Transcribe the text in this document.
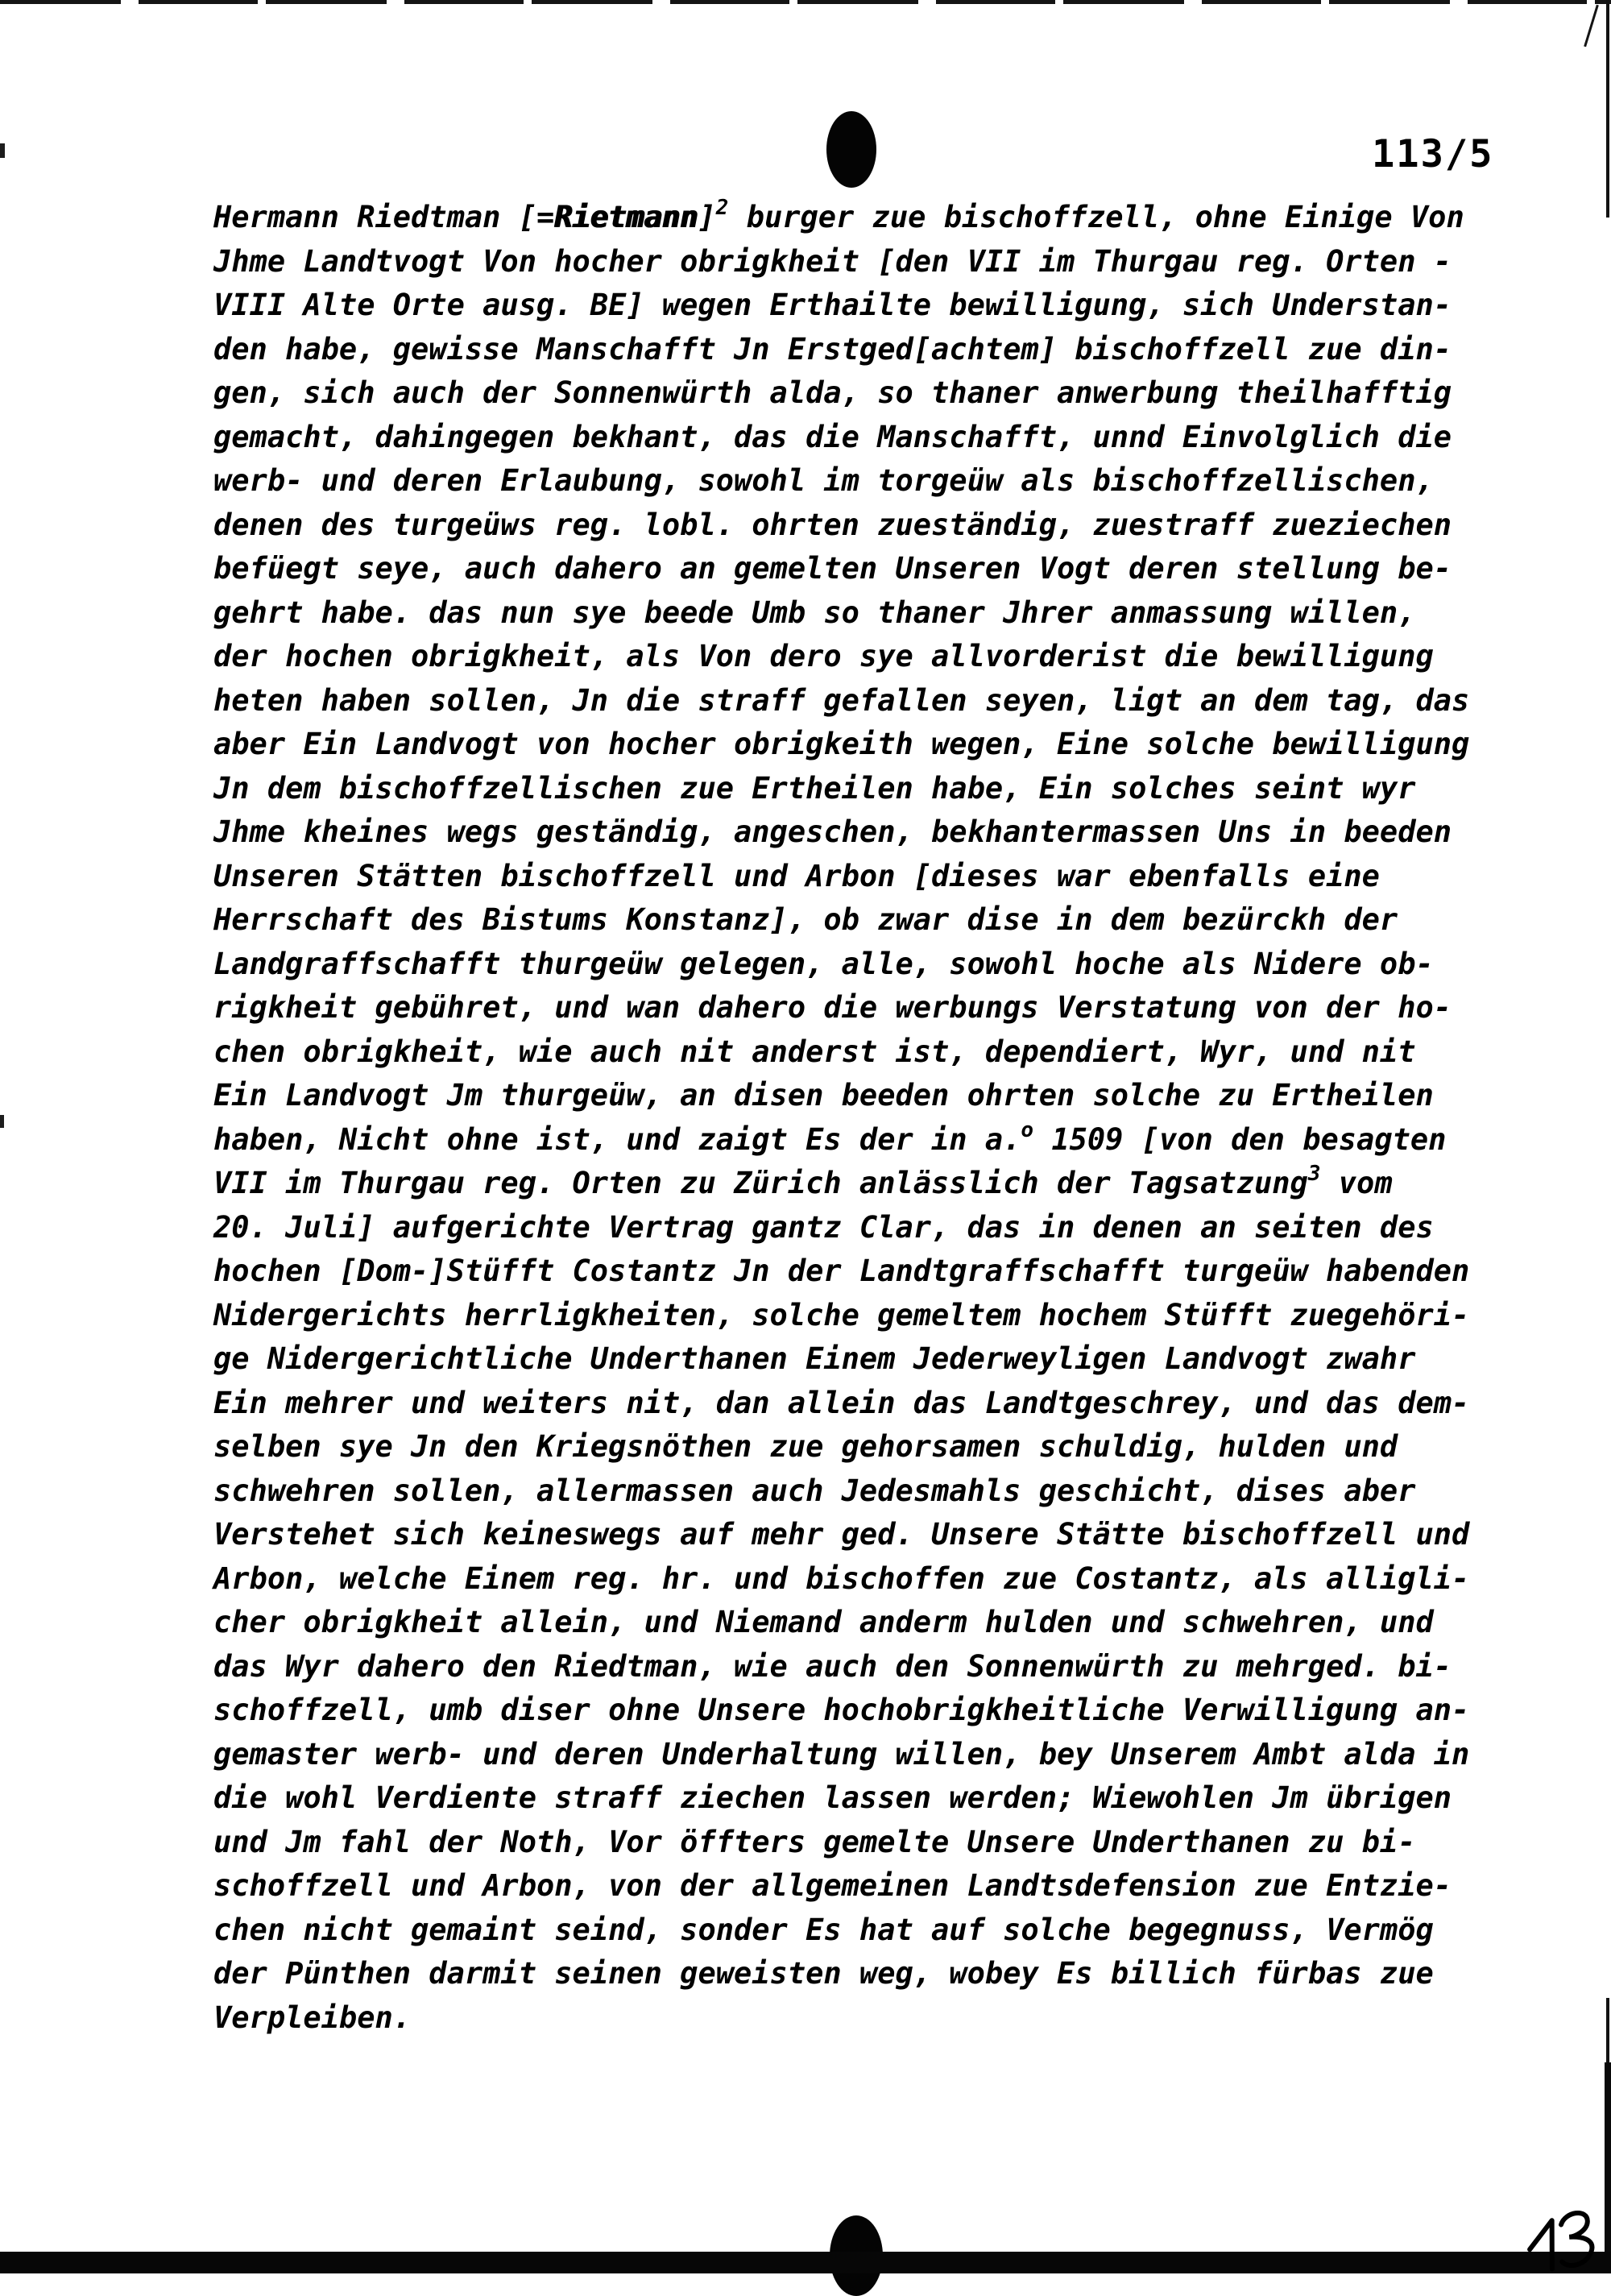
113/5
Hermann Riedtman [=Rietmann]$^2$ burger zue bischoffzell, ohne Einige Von
Jhme Landtvogt Von hocher obrigkheit [den VII im Thurgau reg. Orten -
VIII Alte Orte ausg. BE] wegen Erthailte bewilligung, sich Understan-
den habe, gewisse Manschafft Jn Erstged[achtem] bischoffzell zue din-
gen, sich auch der Sonnenwürth alda, so thaner anwerbung theilhafftig
gemacht, dahingegen bekhant, das die Manschafft, unnd Einvolglich die
werb- und deren Erlaubung, sowohl im torgeüw als bischoffzellischen,
denen des turgeüws reg. lobl. ohrten zueständig, zuestraff zueziechen
befüegt seye, auch dahero an gemelten Unseren Vogt deren stellung be-
gehrt habe. das nun sye beede Umb so thaner Jhrer anmassung willen,
der hochen obrigkheit, als Von dero sye allvorderist die bewilligung
heten haben sollen, Jn die straff gefallen seyen, ligt an dem tag, das
aber Ein Landvogt von hocher obrigkeith wegen, Eine solche bewilligung
Jn dem bischoffzellischen zue Ertheilen habe, Ein solches seint wyr
Jhme kheines wegs geständig, angeschen, bekhantermassen Uns in beeden
Unseren Stätten bischoffzell und Arbon [dieses war ebenfalls eine
Herrschaft des Bistums Konstanz], ob zwar dise in dem bezürckh der
Landgraffschafft thurgeüw gelegen, alle, sowohl hoche als Nidere ob-
rigkheit gebühret, und wan dahero die werbungs Verstatung von der ho-
chen obrigkheit, wie auch nit anderst ist, dependiert, Wyr, und nit
Ein Landvogt Jm thurgeüw, an disen beeden ohrten solche zu Ertheilen
haben, Nicht ohne ist, und zaigt Es der in a.$^o$ 1509 [von den besagten
VII im Thurgau reg. Orten zu Zürich anlässlich der Tagsatzung$^3$ vom
20. Juli] aufgerichte Vertrag gantz Clar, das in denen an seiten des
hochen [Dom-]Stüfft Costantz Jn der Landtgraffschafft turgeüw habenden
Nidergerichts herrligkheiten, solche gemeltem hochem Stüfft zuegehöri-
ge Nidergerichtliche Underthanen Einem Jederweyligen Landvogt zwahr
Ein mehrer und weiters nit, dan allein das Landtgeschrey, und das dem-
selben sye Jn den Kriegsnöthen zue gehorsamen schuldig, hulden und
schwehren sollen, allermassen auch Jedesmahls geschicht, dises aber
Verstehet sich keineswegs auf mehr ged. Unsere Stätte bischoffzell und
Arbon, welche Einem reg. hr. und bischoffen zue Costantz, als alligli-
cher obrigkheit allein, und Niemand anderm hulden und schwehren, und
das Wyr dahero den Riedtman, wie auch den Sonnenwürth zu mehrged. bi-
schoffzell, umb diser ohne Unsere hochobrigkheitliche Verwilligung an-
gemaster werb- und deren Underhaltung willen, bey Unserem Ambt alda in
die wohl Verdiente straff ziechen lassen werden; Wiewohlen Jm übrigen
und Jm fahl der Noth, Vor öffters gemelte Unsere Underthanen zu bi-
schoffzell und Arbon, von der allgemeinen Landtsdefension zue Entzie-
chen nicht gemaint seind, sonder Es hat auf solche begegnuss, Vermög
der Pünthen darmit seinen geweisten weg, wobey Es billich fürbas zue
Verpleiben.
